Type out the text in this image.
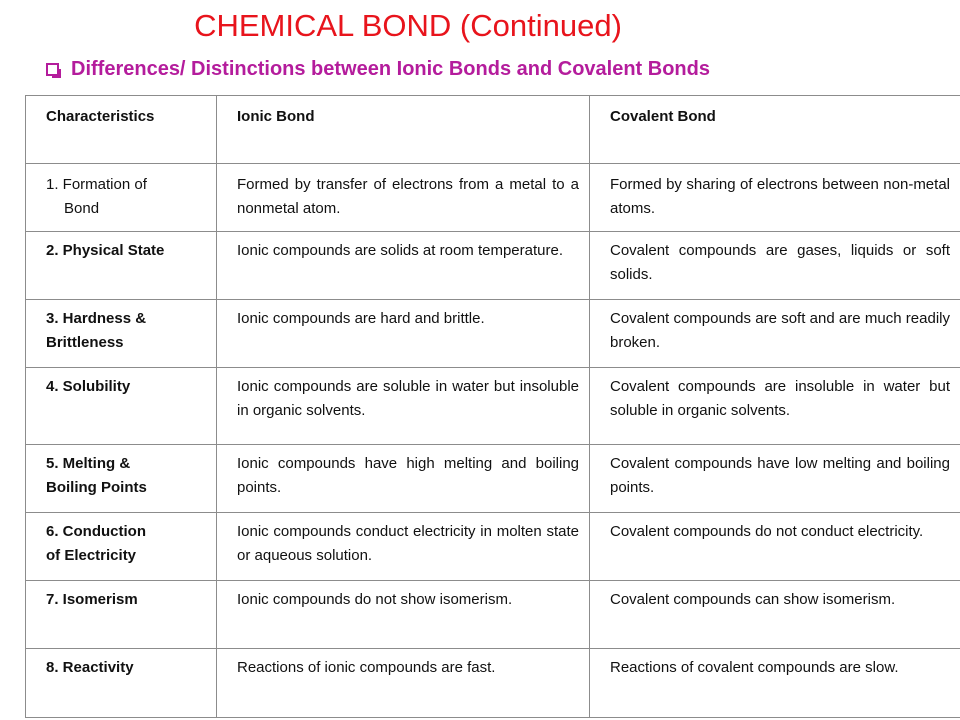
CHEMICAL BOND (Continued)
Differences/ Distinctions between Ionic Bonds and Covalent Bonds
Characteristics	Ionic Bond	Covalent Bond
1. Formation of
Bond	Formed by transfer of electrons from a metal to a nonmetal atom.	Formed by sharing of electrons between non-metal atoms.
2. Physical State	Ionic compounds are solids at room temperature.	Covalent compounds are gases, liquids or soft solids.
3. Hardness &
Brittleness	Ionic compounds are hard and brittle.	Covalent compounds are soft and are much readily broken.
4. Solubility	Ionic compounds are soluble in water but insoluble in organic solvents.	Covalent compounds are insoluble in water but soluble in organic solvents.
5. Melting &
Boiling Points	Ionic compounds have high melting and boiling points.	Covalent compounds have low melting and boiling points.
6. Conduction
of Electricity	Ionic compounds conduct electricity in molten state or aqueous solution.	Covalent compounds do not conduct electricity.
7. Isomerism	Ionic compounds do not show isomerism.	Covalent compounds can show isomerism.
8. Reactivity	Reactions of ionic compounds are fast.	Reactions of covalent compounds are slow.
